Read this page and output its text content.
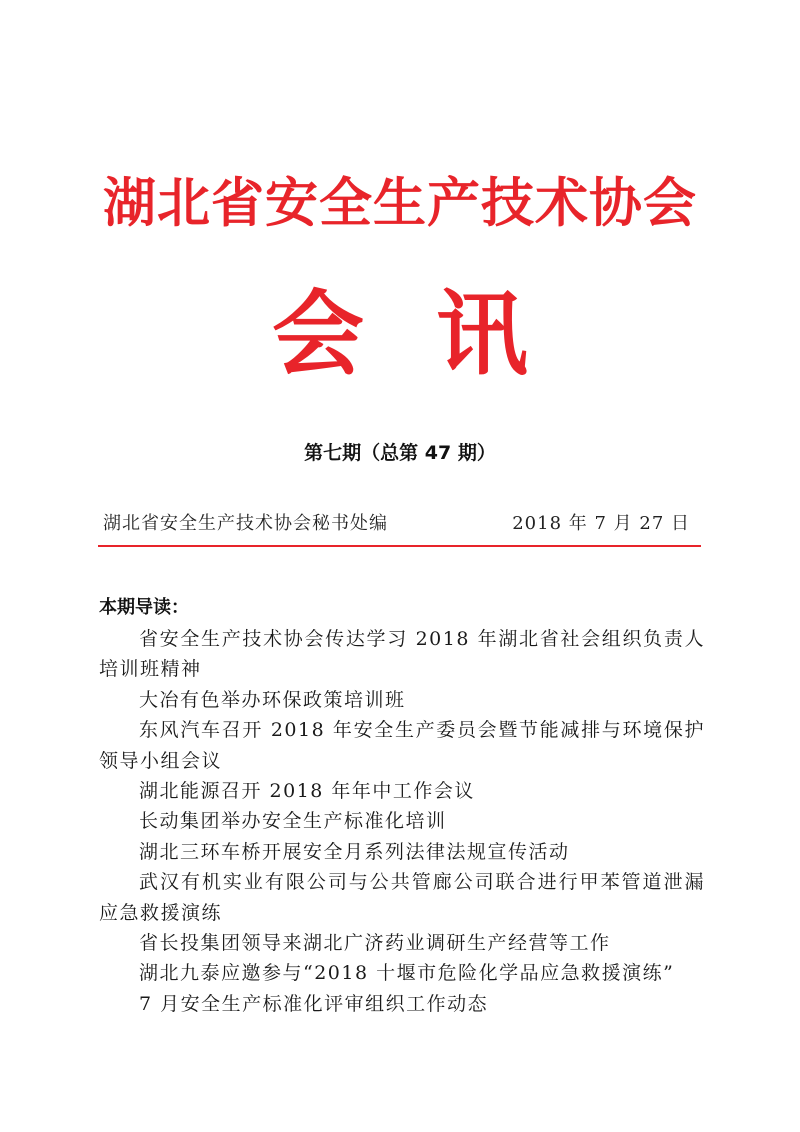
湖北省安全生产技术协会
会讯
第七期（总第 47 期）
湖北省安全生产技术协会秘书处编	2018 年 7 月 27 日
本期导读：
省安全生产技术协会传达学习 2018 年湖北省社会组织负责人培训班精神
大冶有色举办环保政策培训班
东风汽车召开 2018 年安全生产委员会暨节能减排与环境保护领导小组会议
湖北能源召开 2018 年年中工作会议
长动集团举办安全生产标准化培训
湖北三环车桥开展安全月系列法律法规宣传活动
武汉有机实业有限公司与公共管廊公司联合进行甲苯管道泄漏应急救援演练
省长投集团领导来湖北广济药业调研生产经营等工作
湖北九泰应邀参与“2018 十堰市危险化学品应急救援演练”
7 月安全生产标准化评审组织工作动态
